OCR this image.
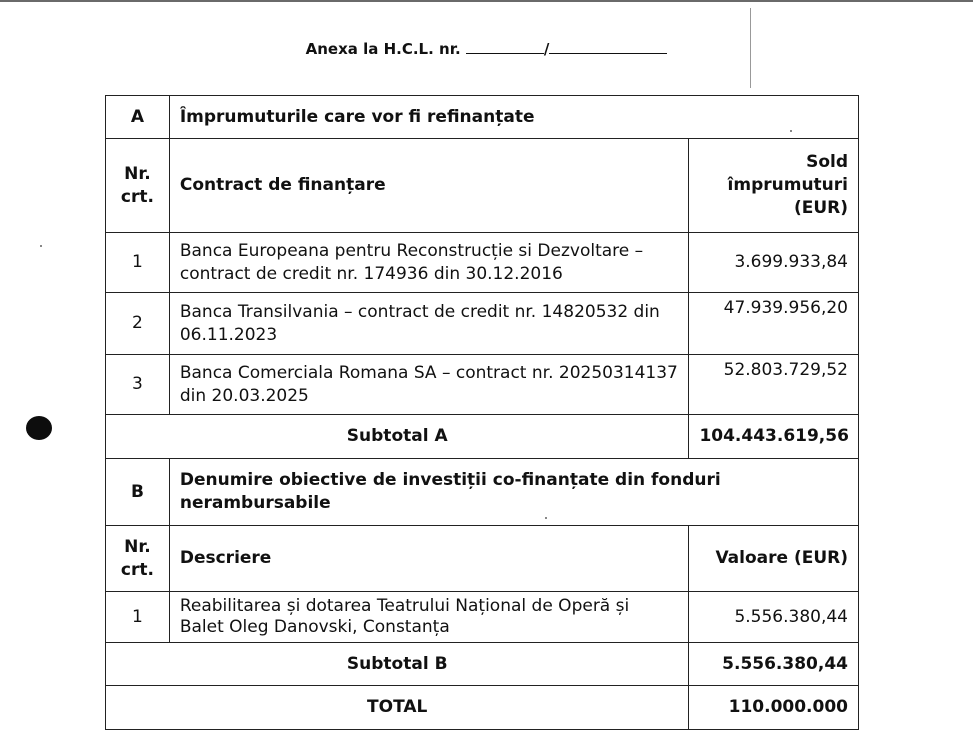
Anexa la H.C.L. nr.	/
A	Împrumuturile care vor fi refinanțate	
Nr. crt.	Contract de finanțare	Sold împrumuturi (EUR)
1	Banca Europeana pentru Reconstrucție si Dezvoltare – contract de credit nr. 174936 din 30.12.2016	3.699.933,84
2	Banca Transilvania – contract de credit nr. 14820532 din 06.11.2023	47.939.956,20
3	Banca Comerciala Romana SA – contract nr. 20250314137 din 20.03.2025	52.803.729,52
Subtotal A		104.443.619,56
B	Denumire obiective de investiții co-finanțate din fonduri nerambursabile	
Nr. crt.	Descriere	Valoare (EUR)
1	Reabilitarea și dotarea Teatrului Național de Operă și Balet Oleg Danovski, Constanța	5.556.380,44
Subtotal B		5.556.380,44
TOTAL		110.000.000
